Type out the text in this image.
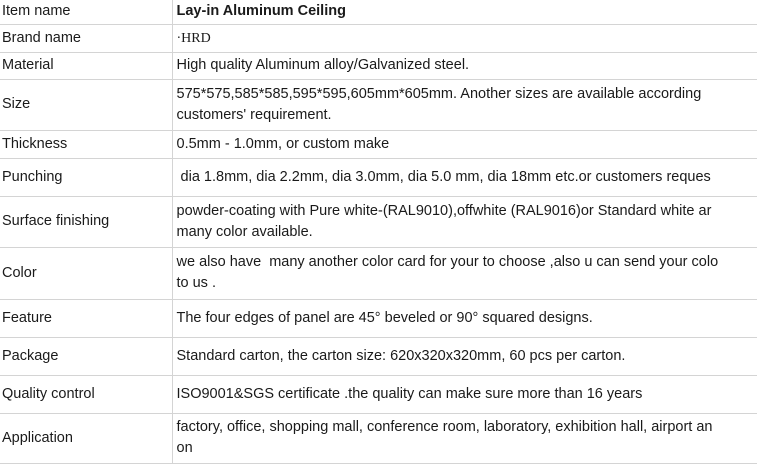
Item name	Lay-in Aluminum Ceiling

Brand name	·HRD

Material	High quality Aluminum alloy/Galvanized steel.

Size	575*575,585*585,595*595,605mm*605mm. Another sizes are available according
customers' requirement.

Thickness	0.5mm - 1.0mm, or custom make

Punching	dia 1.8mm, dia 2.2mm, dia 3.0mm, dia 5.0 mm, dia 18mm etc.or customers reques

Surface finishing	powder-coating with Pure white-(RAL9010),offwhite (RAL9016)or Standard white ar
many color available.

Color	we also have  many another color card for your to choose ,also u can send your colo
to us .

Feature	The four edges of panel are 45° beveled or 90° squared designs.

Package	Standard carton, the carton size: 620x320x320mm, 60 pcs per carton.

Quality control	ISO9001&SGS certificate .the quality can make sure more than 16 years

Application	factory, office, shopping mall, conference room, laboratory, exhibition hall, airport an
on
